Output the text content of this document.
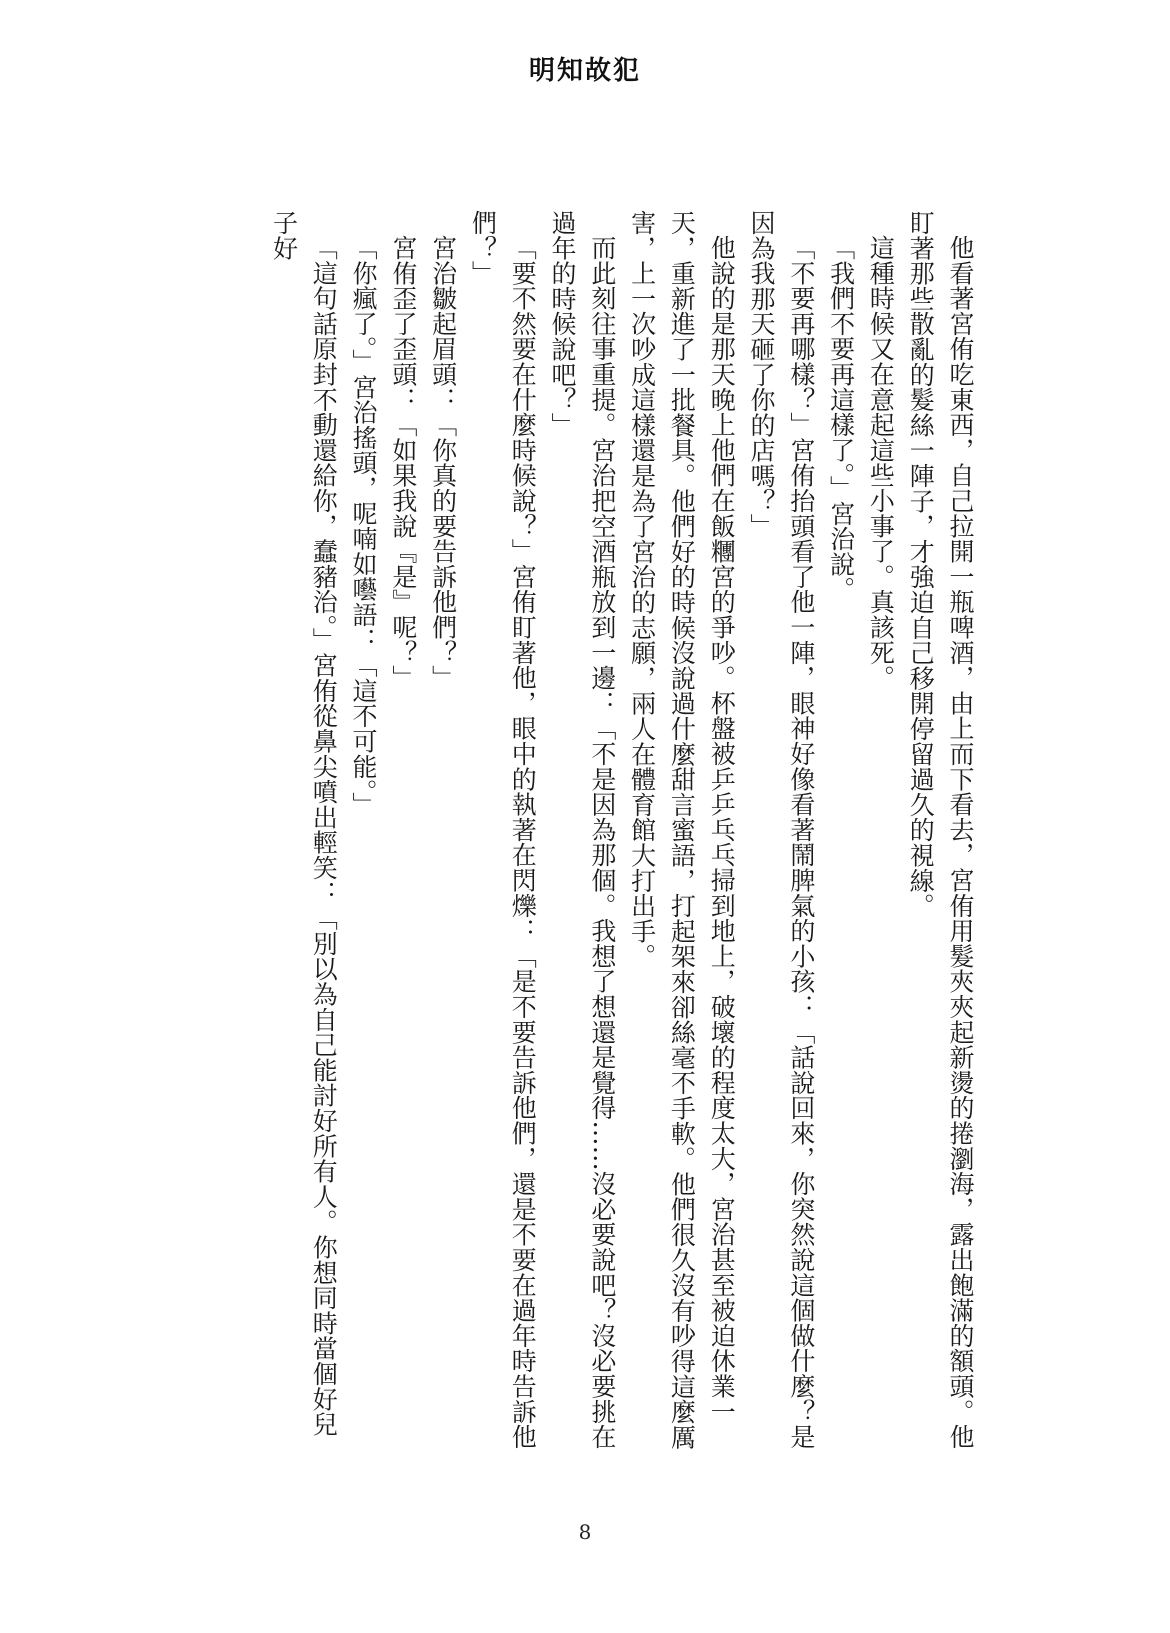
明知故犯

他看著宮侑吃東西，自己拉開一瓶啤酒，由上而下看去，宮侑用髮夾夾起新燙的捲瀏海，露出飽滿的額頭。他盯著那些散亂的髮絲一陣子，才強迫自己移開停留過久的視線。

這種時候又在意起這些小事了。真該死。

「我們不要再這樣了。」宮治說。

「不要再哪樣？」宮侑抬頭看了他一陣，眼神好像看著鬧脾氣的小孩：「話說回來，你突然說這個做什麼？是因為我那天砸了你的店嗎？」

他說的是那天晚上他們在飯糰宮的爭吵。杯盤被乒乒乓乓掃到地上，破壞的程度太大，宮治甚至被迫休業一天，重新進了一批餐具。他們好的時候沒說過什麼甜言蜜語，打起架來卻絲毫不手軟。他們很久沒有吵得這麼厲害，上一次吵成這樣還是為了宮治的志願，兩人在體育館大打出手。

而此刻往事重提。宮治把空酒瓶放到一邊：「不是因為那個。我想了想還是覺得……沒必要說吧？沒必要挑在過年的時候說吧？」

「要不然要在什麼時候說？」宮侑盯著他，眼中的執著在閃爍：「是不要告訴他們，還是不要在過年時告訴他們？」

宮治皺起眉頭：「你真的要告訴他們？」

宮侑歪了歪頭：「如果我說『是』呢？」

「你瘋了。」宮治搖頭，呢喃如囈語：「這不可能。」

「這句話原封不動還給你，蠢豬治。」宮侑從鼻尖噴出輕笑：「別以為自己能討好所有人。你想同時當個好兒子好

8
